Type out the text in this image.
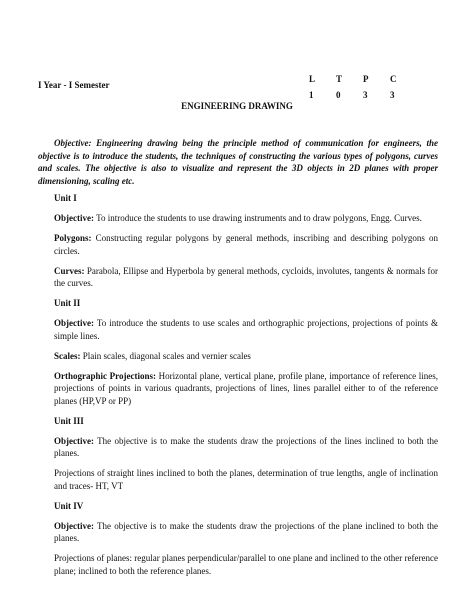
I Year - I Semester
L	T	P	C
1	0	3	3
ENGINEERING DRAWING
Objective: Engineering drawing being the principle method of communication for engineers, the objective is to introduce the students, the techniques of constructing the various types of polygons, curves and scales. The objective is also to visualize and represent the 3D objects in 2D planes with proper dimensioning, scaling etc.

Unit I

Objective: To introduce the students to use drawing instruments and to draw polygons, Engg. Curves.

Polygons: Constructing regular polygons by general methods, inscribing and describing polygons on circles.

Curves: Parabola, Ellipse and Hyperbola by general methods, cycloids, involutes, tangents & normals for the curves.

Unit II

Objective: To introduce the students to use scales and orthographic projections, projections of points & simple lines.

Scales: Plain scales, diagonal scales and vernier scales

Orthographic Projections: Horizontal plane, vertical plane, profile plane, importance of reference lines, projections of points in various quadrants, projections of lines, lines parallel either to of the reference planes (HP,VP or PP)

Unit III

Objective: The objective is to make the students draw the projections of the lines inclined to both the planes.

Projections of straight lines inclined to both the planes, determination of true lengths, angle of inclination and traces- HT, VT

Unit IV

Objective: The objective is to make the students draw the projections of the plane inclined to both the planes.

Projections of planes: regular planes perpendicular/parallel to one plane and inclined to the other reference plane; inclined to both the reference planes.
